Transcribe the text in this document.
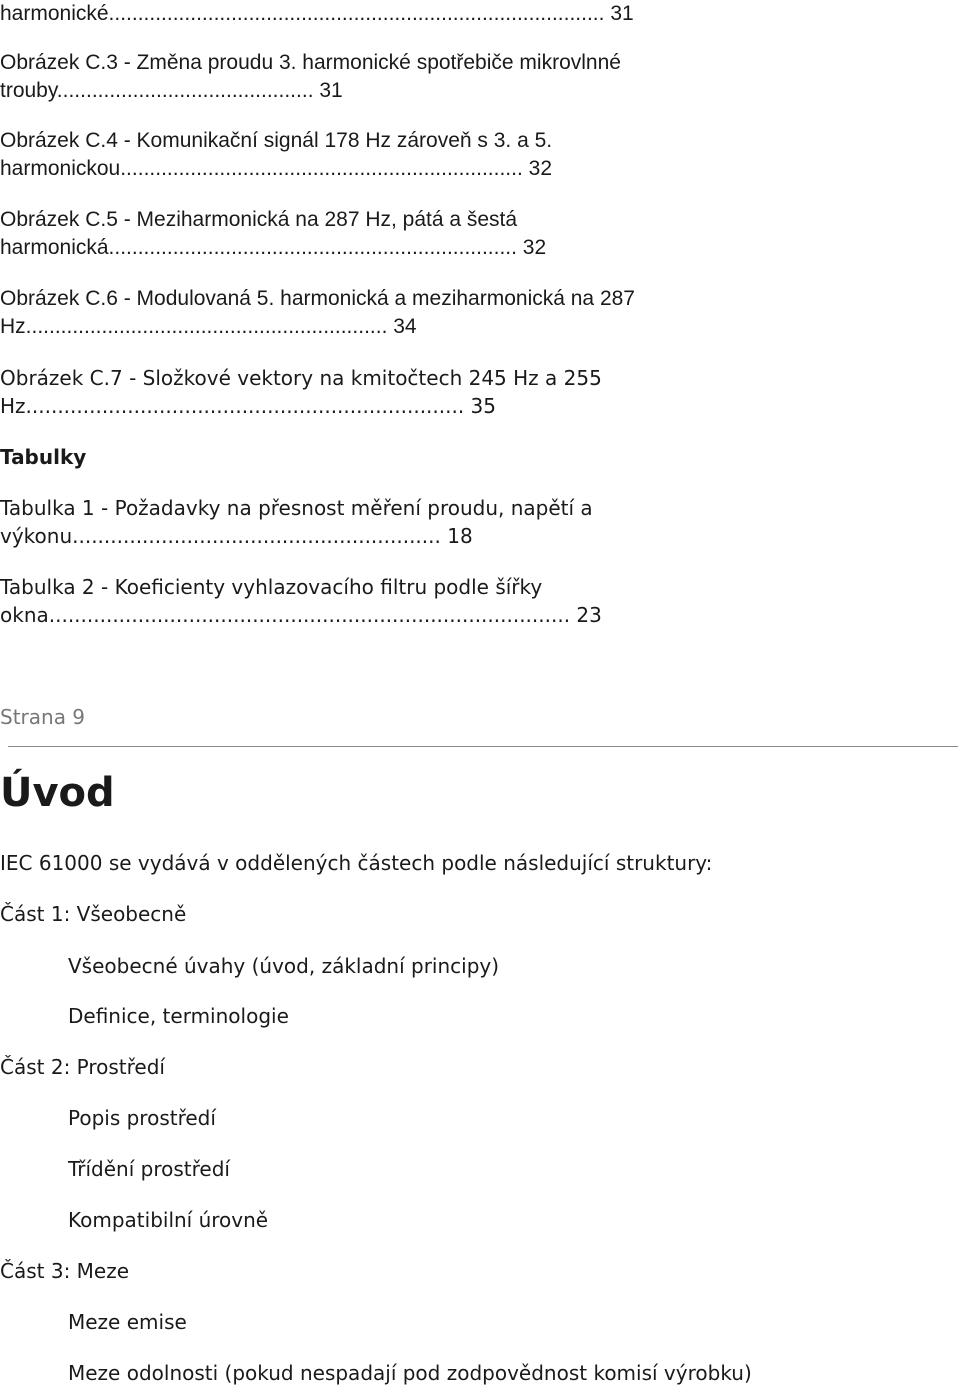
harmonické..................................................................................... 31
Obrázek C.3 - Změna proudu 3. harmonické spotřebiče mikrovlnné
trouby............................................ 31
Obrázek C.4 - Komunikační signál 178 Hz zároveň s 3. a 5.
harmonickou..................................................................... 32
Obrázek C.5 - Meziharmonická na 287 Hz, pátá a šestá
harmonická...................................................................... 32
Obrázek C.6 - Modulovaná 5. harmonická a meziharmonická na 287
Hz.............................................................. 34
Obrázek C.7 - Složkové vektory na kmitočtech 245 Hz a 255
Hz..................................................................... 35
Tabulky
Tabulka 1 - Požadavky na přesnost měření proudu, napětí a
výkonu.......................................................... 18
Tabulka 2 - Koeficienty vyhlazovacího filtru podle šířky
okna.................................................................................. 23
Strana 9
Úvod
IEC 61000 se vydává v oddělených částech podle následující struktury:
Část 1: Všeobecně
Všeobecné úvahy (úvod, základní principy)
Definice, terminologie
Část 2: Prostředí
Popis prostředí
Třídění prostředí
Kompatibilní úrovně
Část 3: Meze
Meze emise
Meze odolnosti (pokud nespadají pod zodpovědnost komisí výrobku)
